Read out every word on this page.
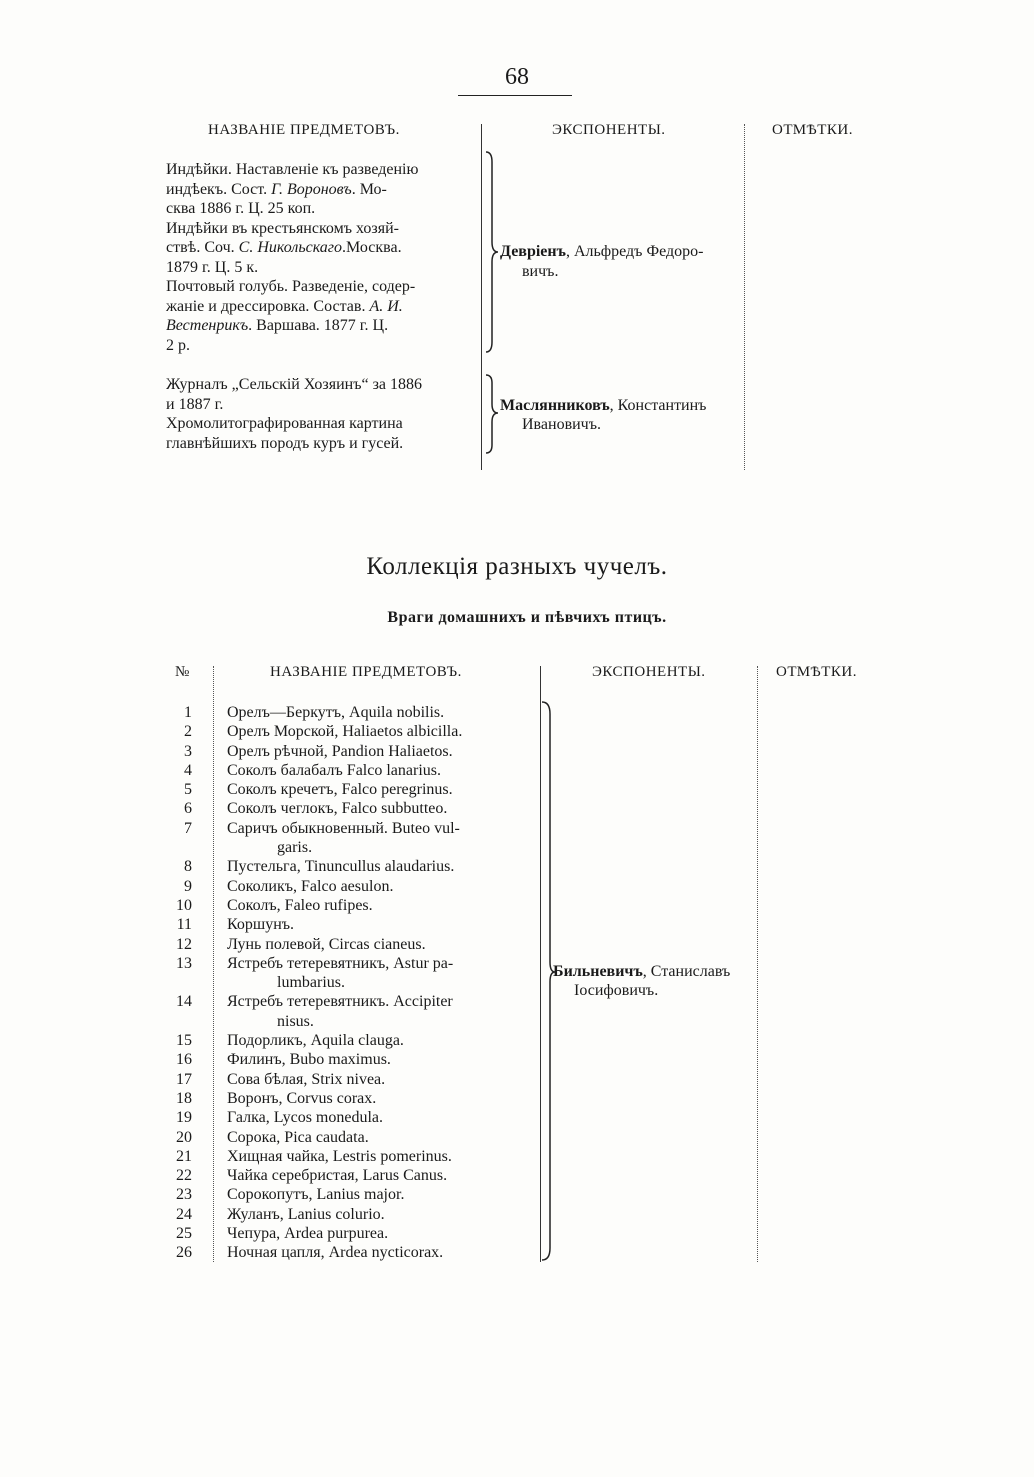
68
НАЗВАНІЕ ПРЕДМЕТОВЪ.	ЭКСПОНЕНТЫ.	ОТМѢТКИ.
Индѣйки. Наставленіе къ разведенію
индѣекъ. Сост. Г. Вороновъ. Мо-
сква 1886 г. Ц. 25 коп.
Индѣйки въ крестьянскомъ хозяй-
ствѣ. Соч. С. Никольскаго.Москва.
1879 г. Ц. 5 к.
Почтовый голубь. Разведеніе, содер-
жаніе и дрессировка. Состав. А. И.
Вестенрикъ. Варшава. 1877 г. Ц.
2 р.
Девріенъ, Альфредъ Федоро-
вичъ.
Журналъ „Сельскій Хозяинъ“ за 1886
и 1887 г.
Хромолитографированная картина
главнѣйшихъ породъ куръ и гусей.
Маслянниковъ, Константинъ
Ивановичъ.
Коллекція разныхъ чучелъ.
Враги домашнихъ и пѣвчихъ птицъ.
№	НАЗВАНІЕ ПРЕДМЕТОВЪ.	ЭКСПОНЕНТЫ.	ОТМѢТКИ.
1	Орелъ—Беркутъ, Aquila nobilis.
2	Орелъ Морской, Haliaetos albicilla.
3	Орелъ рѣчной, Pandion Haliaetos.
4	Соколъ балабалъ Falco lanarius.
5	Соколъ кречетъ, Falco peregrinus.
6	Соколъ чеглокъ, Falco subbutteo.
7	Саричъ обыкновенный. Buteo vul-
garis.
8	Пустельга, Tinuncullus alaudarius.
9	Соколикъ, Falco aesulon.
10	Соколъ, Faleo rufipes.
11	Коршунъ.
12	Лунь полевой, Circas cianeus.
13	Ястребъ тетеревятникъ, Astur pa-
lumbarius.
14	Ястребъ тетеревятникъ. Accipiter
nisus.
15	Подорликъ, Aquila clauga.
16	Филинъ, Bubo maximus.
17	Сова бѣлая, Strix nivea.
18	Воронъ, Corvus corax.
19	Галка, Lycos monedula.
20	Сорока, Pica caudata.
21	Хищная чайка, Lestris pomerinus.
22	Чайка серебристая, Larus Canus.
23	Сорокопутъ, Lanius major.
24	Жуланъ, Lanius colurio.
25	Чепура, Ardea purpurea.
26	Ночная цапля, Ardea nycticorax.
Бильневичъ, Станиславъ
Іосифовичъ.
